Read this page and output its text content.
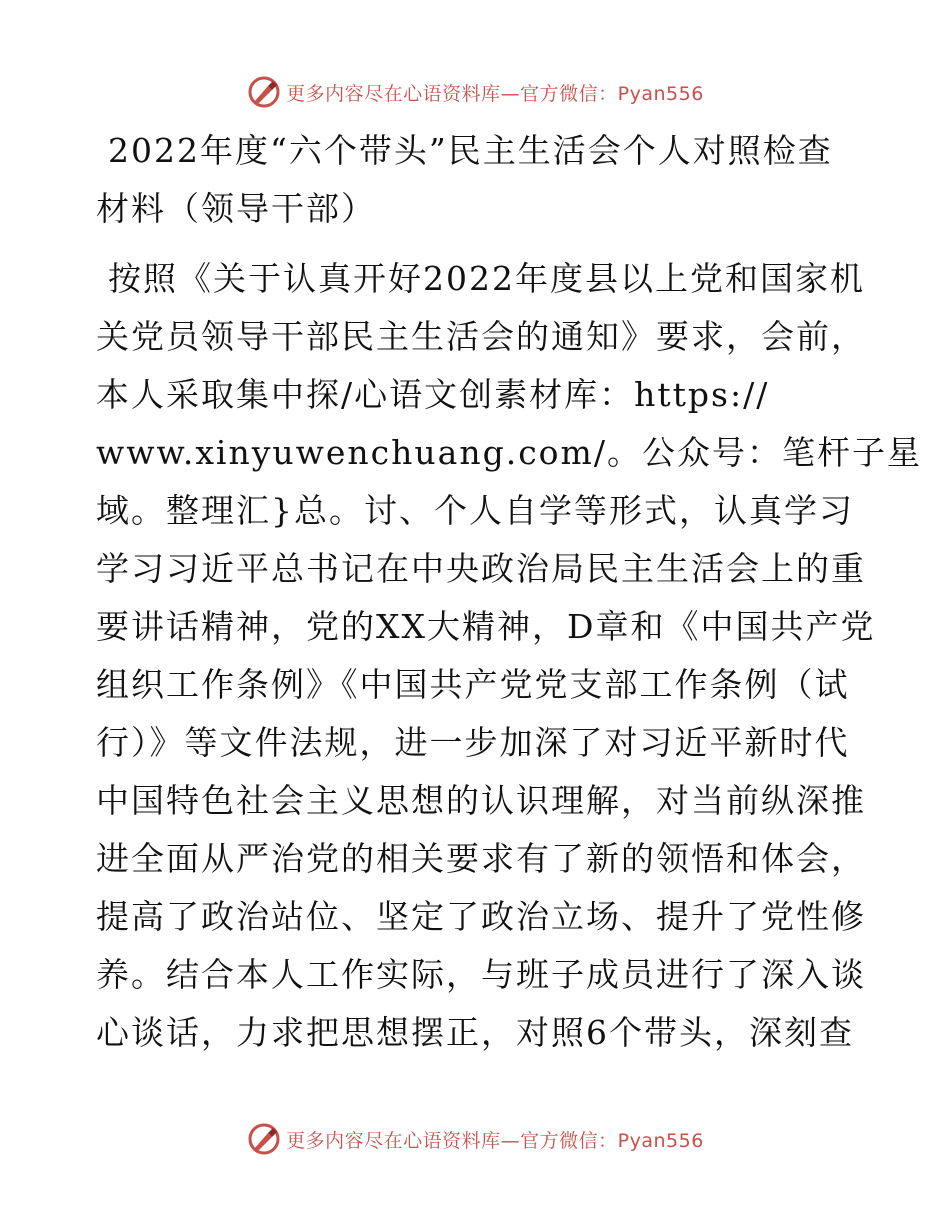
更多内容尽在心语资料库—官方微信：Pyan556
2022年度“六个带头”民主生活会个人对照检查
材料（领导干部）
按照《关于认真开好2022年度县以上党和国家机
关党员领导干部民主生活会的通知》要求，会前，
本人采取集中探/心语文创素材库：https://
www.xinyuwenchuang.com/。公众号：笔杆子星
域。整理汇}总。讨、个人自学等形式，认真学习
学习习近平总书记在中央政治局民主生活会上的重
要讲话精神，党的XX大精神，D章和《中国共产党
组织工作条例》《中国共产党党支部工作条例（试
行）》等文件法规，进一步加深了对习近平新时代
中国特色社会主义思想的认识理解，对当前纵深推
进全面从严治党的相关要求有了新的领悟和体会，
提高了政治站位、坚定了政治立场、提升了党性修
养。结合本人工作实际，与班子成员进行了深入谈
心谈话，力求把思想摆正，对照6个带头，深刻查
更多内容尽在心语资料库—官方微信：Pyan556
